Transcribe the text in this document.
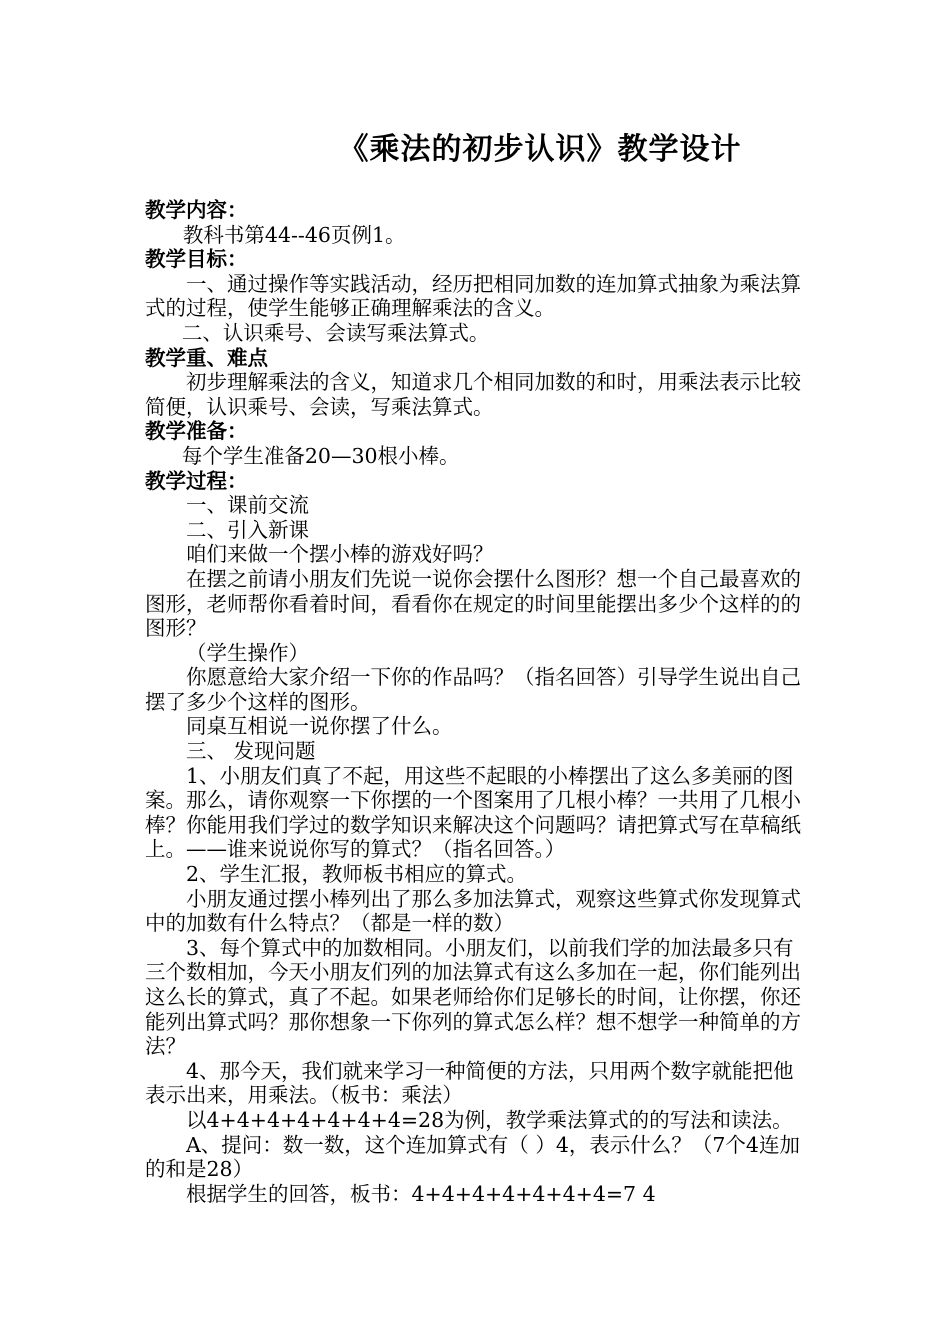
《乘法的初步认识》教学设计

教学内容：

教科书第44--46页例1。

教学目标：

一、通过操作等实践活动，经历把相同加数的连加算式抽象为乘法算式的过程，使学生能够正确理解乘法的含义。

二、认识乘号、会读写乘法算式。

教学重、难点

初步理解乘法的含义，知道求几个相同加数的和时，用乘法表示比较简便，认识乘号、会读，写乘法算式。

教学准备：

每个学生准备20—30根小棒。

教学过程：

一、课前交流

二、引入新课

咱们来做一个摆小棒的游戏好吗？

在摆之前请小朋友们先说一说你会摆什么图形？想一个自己最喜欢的图形，老师帮你看着时间，看看你在规定的时间里能摆出多少个这样的的图形？

（学生操作）

你愿意给大家介绍一下你的作品吗？（指名回答）引导学生说出自己摆了多少个这样的图形。

同桌互相说一说你摆了什么。

三、 发现问题

1、小朋友们真了不起，用这些不起眼的小棒摆出了这么多美丽的图案。那么，请你观察一下你摆的一个图案用了几根小棒？一共用了几根小棒？你能用我们学过的数学知识来解决这个问题吗？请把算式写在草稿纸上。——谁来说说你写的算式？（指名回答。）

2、学生汇报，教师板书相应的算式。

小朋友通过摆小棒列出了那么多加法算式，观察这些算式你发现算式中的加数有什么特点？（都是一样的数）

3、每个算式中的加数相同。小朋友们，以前我们学的加法最多只有三个数相加，今天小朋友们列的加法算式有这么多加在一起，你们能列出这么长的算式，真了不起。如果老师给你们足够长的时间，让你摆，你还能列出算式吗？那你想象一下你列的算式怎么样？想不想学一种简单的方法？

4、那今天，我们就来学习一种简便的方法，只用两个数字就能把他表示出来，用乘法。（板书：乘法）

以4+4+4+4+4+4+4=28为例，教学乘法算式的的写法和读法。

A、提问：数一数，这个连加算式有（ ）4，表示什么？（7个4连加的和是28）

根据学生的回答，板书：4+4+4+4+4+4+4=7 4
